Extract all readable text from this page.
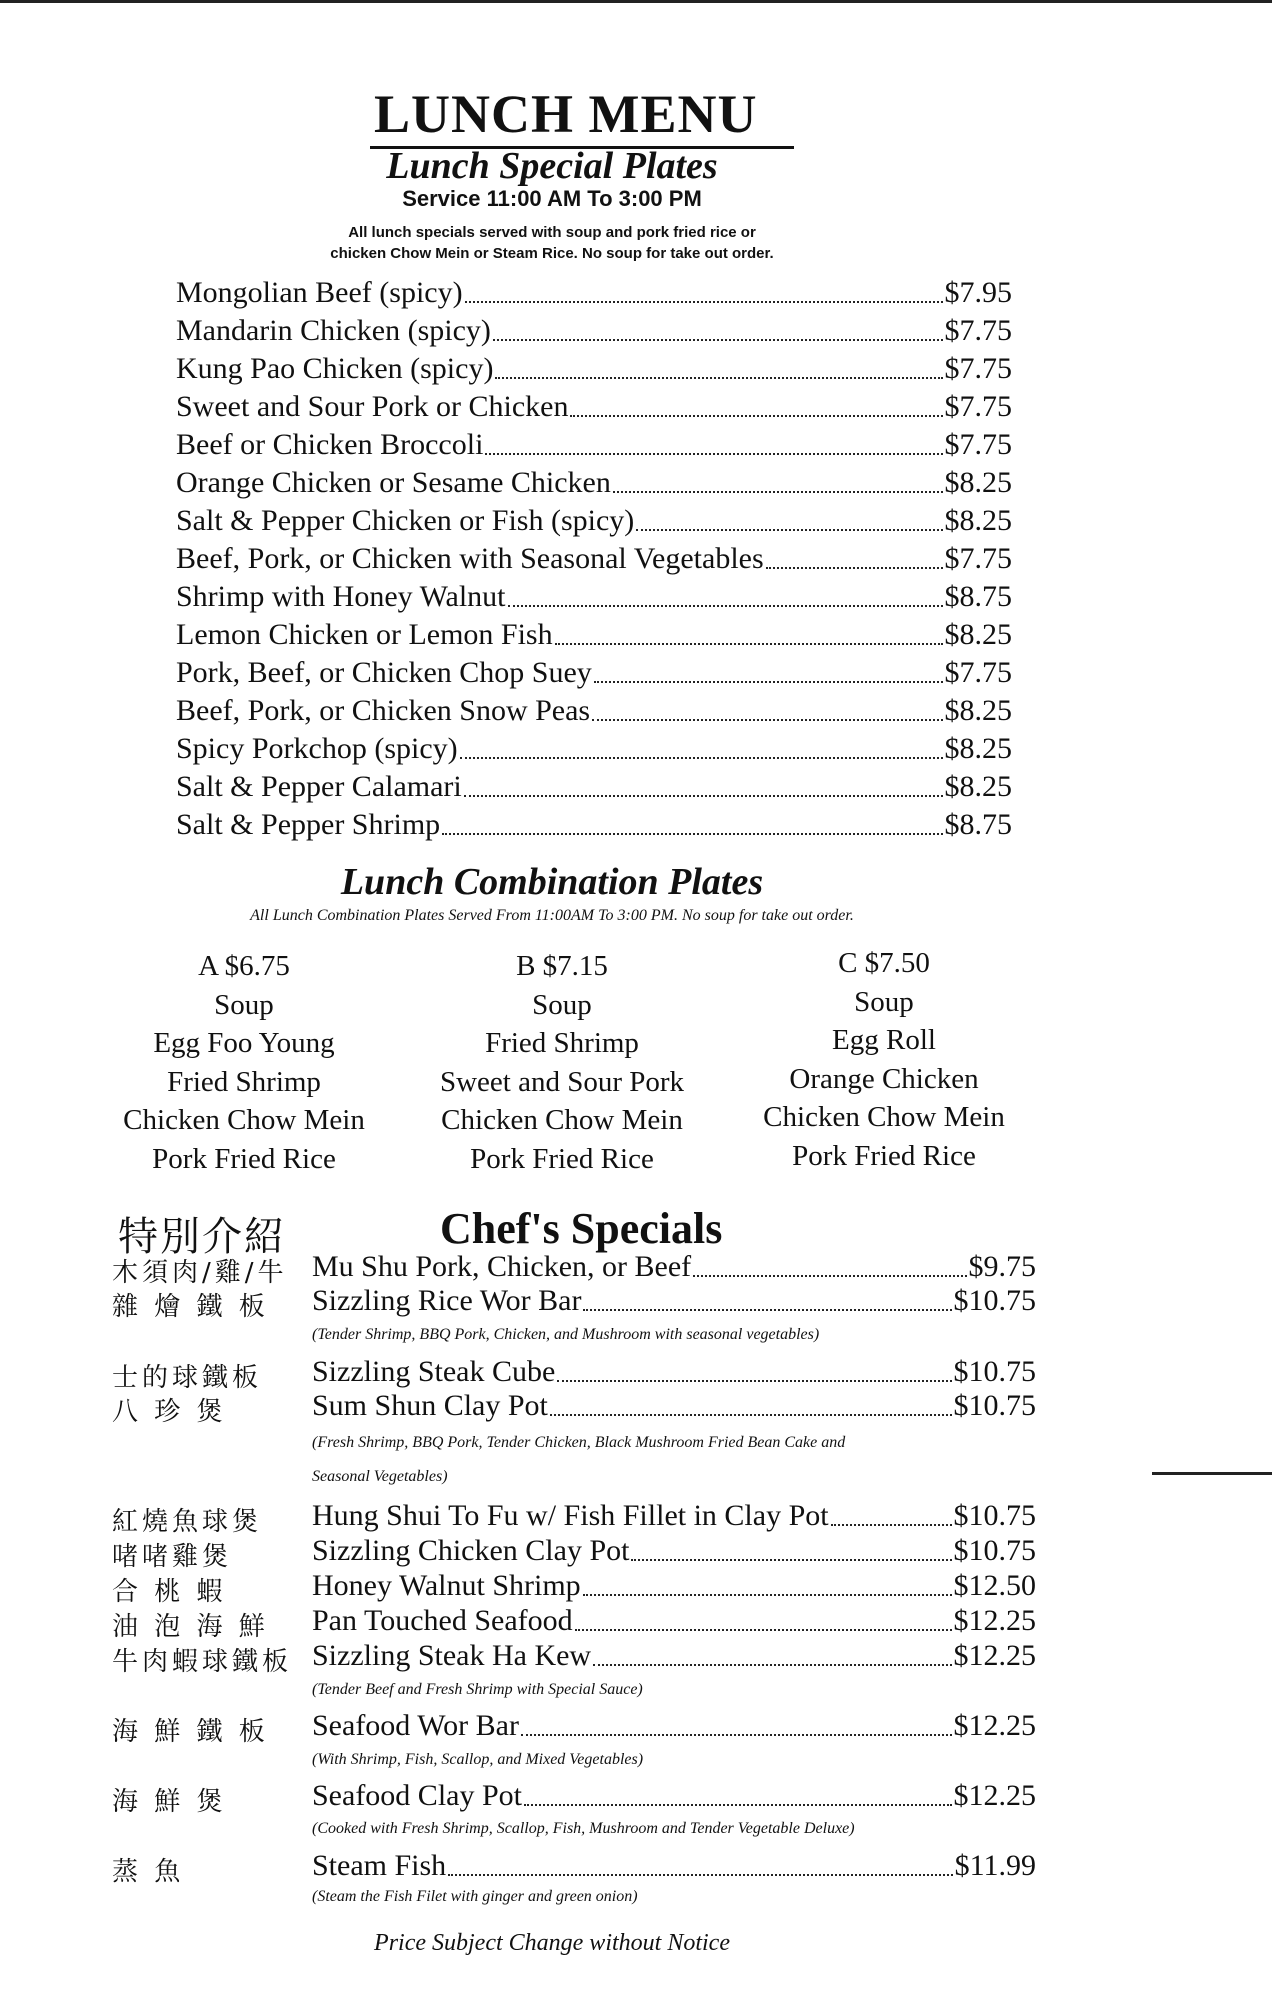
LUNCH MENU
Lunch Special Plates
Service 11:00 AM To 3:00 PM
All lunch specials served with soup and pork fried rice or
chicken Chow Mein or Steam Rice. No soup for take out order.
Mongolian Beef (spicy)	$7.95
Mandarin Chicken (spicy)	$7.75
Kung Pao Chicken (spicy)	$7.75
Sweet and Sour Pork or Chicken	$7.75
Beef or Chicken Broccoli	$7.75
Orange Chicken or Sesame Chicken	$8.25
Salt & Pepper Chicken or Fish (spicy)	$8.25
Beef, Pork, or Chicken with Seasonal Vegetables	$7.75
Shrimp with Honey Walnut	$8.75
Lemon Chicken or Lemon Fish	$8.25
Pork, Beef, or Chicken Chop Suey	$7.75
Beef, Pork, or Chicken Snow Peas	$8.25
Spicy Porkchop (spicy)	$8.25
Salt & Pepper Calamari	$8.25
Salt & Pepper Shrimp	$8.75
Lunch Combination Plates
All Lunch Combination Plates Served From 11:00AM To 3:00 PM. No soup for take out order.
A $6.75
Soup
Egg Foo Young
Fried Shrimp
Chicken Chow Mein
Pork Fried Rice
B $7.15
Soup
Fried Shrimp
Sweet and Sour Pork
Chicken Chow Mein
Pork Fried Rice
C $7.50
Soup
Egg Roll
Orange Chicken
Chicken Chow Mein
Pork Fried Rice
特別介紹	Chef's Specials
木須肉/雞/牛 Mu Shu Pork, Chicken, or Beef	$9.75
雜 燴 鐵 板	Sizzling Rice Wor Bar	$10.75
(Tender Shrimp, BBQ Pork, Chicken, and Mushroom with seasonal vegetables)
士的球鐵板	Sizzling Steak Cube	$10.75
八 珍 煲	Sum Shun Clay Pot	$10.75
(Fresh Shrimp, BBQ Pork, Tender Chicken, Black Mushroom Fried Bean Cake and
Seasonal Vegetables)
紅燒魚球煲	Hung Shui To Fu w/ Fish Fillet in Clay Pot	$10.75
啫啫雞煲	Sizzling Chicken Clay Pot	$10.75
合 桃 蝦	Honey Walnut Shrimp	$12.50
油 泡 海 鮮	Pan Touched Seafood	$12.25
牛肉蝦球鐵板 Sizzling Steak Ha Kew	$12.25
(Tender Beef and Fresh Shrimp with Special Sauce)
海 鮮 鐵 板	Seafood Wor Bar	$12.25
(With Shrimp, Fish, Scallop, and Mixed Vegetables)
海 鮮 煲	Seafood Clay Pot	$12.25
(Cooked with Fresh Shrimp, Scallop, Fish, Mushroom and Tender Vegetable Deluxe)
蒸 魚	Steam Fish	$11.99
(Steam the Fish Filet with ginger and green onion)
Price Subject Change without Notice
